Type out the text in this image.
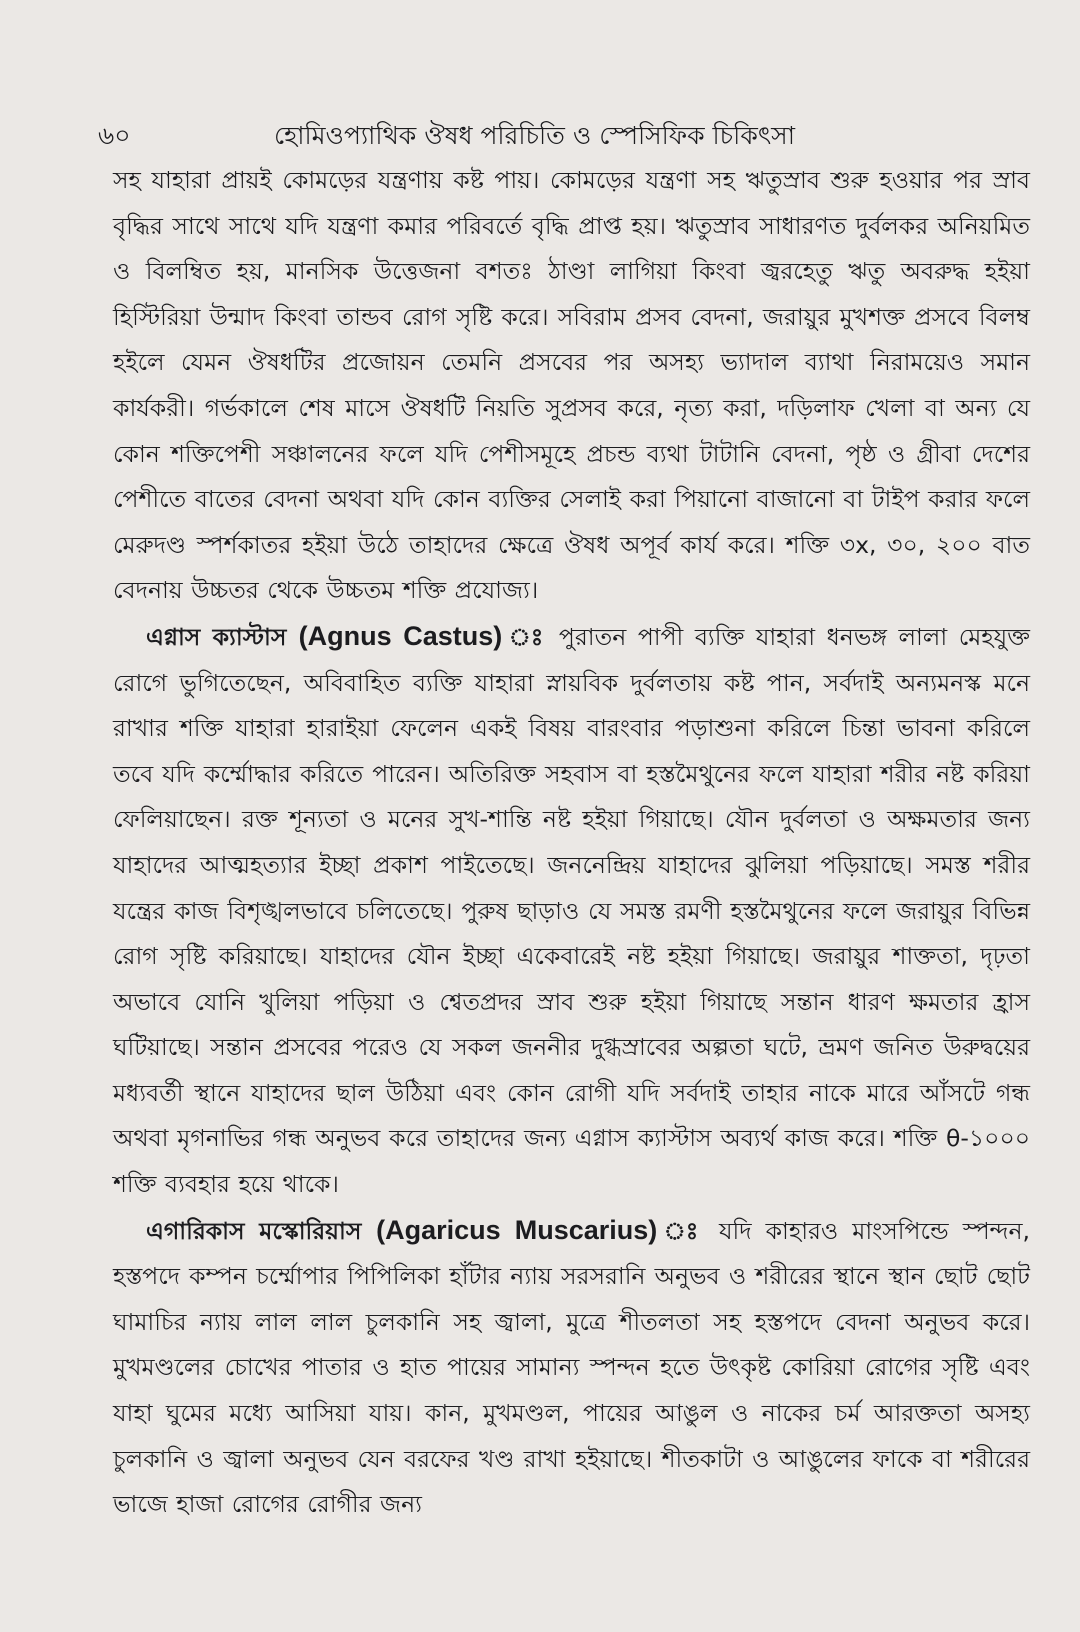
৬০	হোমিওপ্যাথিক ঔষধ পরিচিতি ও স্পেসিফিক চিকিৎসা

সহ যাহারা প্রায়ই কোমড়ের যন্ত্রণায় কষ্ট পায়। কোমড়ের যন্ত্রণা সহ ঋতুস্রাব শুরু হওয়ার পর স্রাব বৃদ্ধির সাথে সাথে যদি যন্ত্রণা কমার পরিবর্তে বৃদ্ধি প্রাপ্ত হয়। ঋতুস্রাব সাধারণত দুর্বলকর অনিয়মিত ও বিলম্বিত হয়, মানসিক উত্তেজনা বশতঃ ঠাণ্ডা লাগিয়া কিংবা জ্বরহেতু ঋতু অবরুদ্ধ হইয়া হিস্টিরিয়া উন্মাদ কিংবা তান্ডব রোগ সৃষ্টি করে। সবিরাম প্রসব বেদনা, জরায়ুর মুখশক্ত প্রসবে বিলম্ব হইলে যেমন ঔষধটির প্রজোয়ন তেমনি প্রসবের পর অসহ্য ভ্যাদাল ব্যাথা নিরাময়েও সমান কার্যকরী। গর্ভকালে শেষ মাসে ঔষধটি নিয়তি সুপ্রসব করে, নৃত্য করা, দড়িলাফ খেলা বা অন্য যে কোন শক্তিপেশী সঞ্চালনের ফলে যদি পেশীসমূহে প্রচন্ড ব্যথা টাটানি বেদনা, পৃষ্ঠ ও গ্রীবা দেশের পেশীতে বাতের বেদনা অথবা যদি কোন ব্যক্তির সেলাই করা পিয়ানো বাজানো বা টাইপ করার ফলে মেরুদণ্ড স্পর্শকাতর হইয়া উঠে তাহাদের ক্ষেত্রে ঔষধ অপূর্ব কার্য করে। শক্তি ৩x, ৩০, ২০০ বাত বেদনায় উচ্চতর থেকে উচ্চতম শক্তি প্রযোজ্য।

এগ্নাস ক্যাস্টাস (Agnus Castus) পুরাতন পাপী ব্যক্তি যাহারা ধনভঙ্গ লালা মেহযুক্ত রোগে ভুগিতেছেন, অবিবাহিত ব্যক্তি যাহারা স্নায়বিক দুর্বলতায় কষ্ট পান, সর্বদাই অন্যমনস্ক মনে রাখার শক্তি যাহারা হারাইয়া ফেলেন একই বিষয় বারংবার পড়াশুনা করিলে চিন্তা ভাবনা করিলে তবে যদি কর্ম্মোদ্ধার করিতে পারেন। অতিরিক্ত সহবাস বা হস্তমৈথুনের ফলে যাহারা শরীর নষ্ট করিয়া ফেলিয়াছেন। রক্ত শূন্যতা ও মনের সুখ-শান্তি নষ্ট হইয়া গিয়াছে। যৌন দুর্বলতা ও অক্ষমতার জন্য যাহাদের আত্মহত্যার ইচ্ছা প্রকাশ পাইতেছে। জননেন্দ্রিয় যাহাদের ঝুলিয়া পড়িয়াছে। সমস্ত শরীর যন্ত্রের কাজ বিশৃঙ্খলভাবে চলিতেছে। পুরুষ ছাড়াও যে সমস্ত রমণী হস্তমৈথুনের ফলে জরায়ুর বিভিন্ন রোগ সৃষ্টি করিয়াছে। যাহাদের যৌন ইচ্ছা একেবারেই নষ্ট হইয়া গিয়াছে। জরায়ুর শাক্ততা, দৃঢ়তা অভাবে যোনি খুলিয়া পড়িয়া ও শ্বেতপ্রদর স্রাব শুরু হইয়া গিয়াছে সন্তান ধারণ ক্ষমতার হ্রাস ঘটিয়াছে। সন্তান প্রসবের পরেও যে সকল জননীর দুগ্ধস্রাবের অল্পতা ঘটে, ভ্রমণ জনিত উরুদ্বয়ের মধ্যবর্তী স্থানে যাহাদের ছাল উঠিয়া এবং কোন রোগী যদি সর্বদাই তাহার নাকে মারে আঁসটে গন্ধ অথবা মৃগনাভির গন্ধ অনুভব করে তাহাদের জন্য এগ্নাস ক্যাস্টাস অব্যর্থ কাজ করে। শক্তি θ-১০০০ শক্তি ব্যবহার হয়ে থাকে।

এগারিকাস মস্কোরিয়াস (Agaricus Muscarius)	যদি কাহারও মাংসপিন্ডে স্পন্দন, হস্তপদে কম্পন চর্ম্মোপার পিপিলিকা হাঁটার ন্যায় সরসরানি অনুভব ও শরীরের স্থানে স্থান ছোট ছোট ঘামাচির ন্যায় লাল লাল চুলকানি সহ জ্বালা, মুত্রে শীতলতা সহ হস্তপদে বেদনা অনুভব করে। মুখমণ্ডলের চোখের পাতার ও হাত পায়ের সামান্য স্পন্দন হতে উৎকৃষ্ট কোরিয়া রোগের সৃষ্টি এবং যাহা ঘুমের মধ্যে আসিয়া যায়। কান, মুখমণ্ডল, পায়ের আঙুল ও নাকের চর্ম আরক্ততা অসহ্য চুলকানি ও জ্বালা অনুভব যেন বরফের খণ্ড রাখা হইয়াছে। শীতকাটা ও আঙুলের ফাকে বা শরীরের ভাজে হাজা রোগের রোগীর জন্য
